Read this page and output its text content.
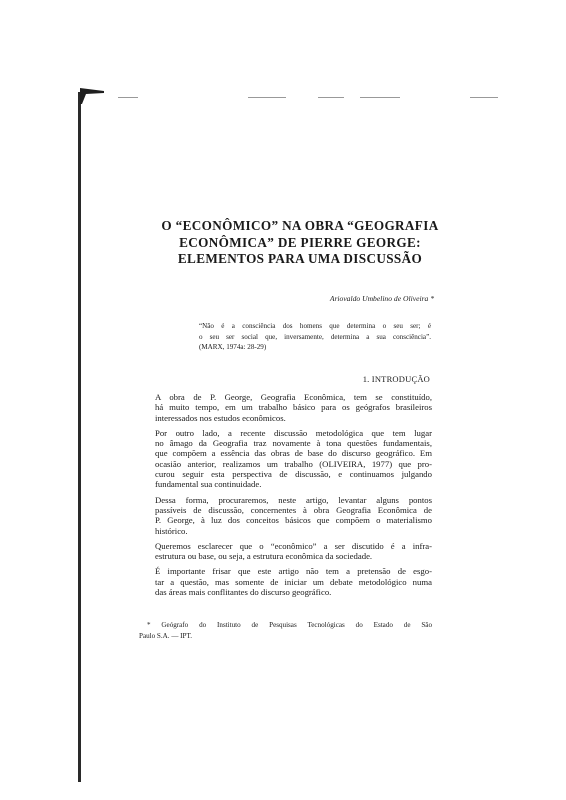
O “ECONÔMICO” NA OBRA “GEOGRAFIA
ECONÔMICA” DE PIERRE GEORGE:
ELEMENTOS PARA UMA DISCUSSÃO
Ariovaldo Umbelino de Oliveira *
“Não é a consciência dos homens que determina o seu ser; é
o seu ser social que, inversamente, determina a sua consciência”.
(MARX, 1974a: 28-29)
1. INTRODUÇÃO

A obra de P. George, Geografia Econômica, tem se constituído,
há muito tempo, em um trabalho básico para os geógrafos brasileiros
interessados nos estudos econômicos.

Por outro lado, a recente discussão metodológica que tem lugar
no âmago da Geografia traz novamente à tona questões fundamentais,
que compõem a essência das obras de base do discurso geográfico. Em
ocasião anterior, realizamos um trabalho (OLIVEIRA, 1977) que pro-
curou seguir esta perspectiva de discussão, e continuamos julgando
fundamental sua continuidade.

Dessa forma, procuraremos, neste artigo, levantar alguns pontos
passíveis de discussão, concernentes à obra Geografia Econômica de
P. George, à luz dos conceitos básicos que compõem o materialismo
histórico.

Queremos esclarecer que o “econômico” a ser discutido é a infra-
estrutura ou base, ou seja, a estrutura econômica da sociedade.

É importante frisar que este artigo não tem a pretensão de esgo-
tar a questão, mas somente de iniciar um debate metodológico numa
das áreas mais conflitantes do discurso geográfico.

* Geógrafo do Instituto de Pesquisas Tecnológicas do Estado de São
Paulo S.A. — IPT.
